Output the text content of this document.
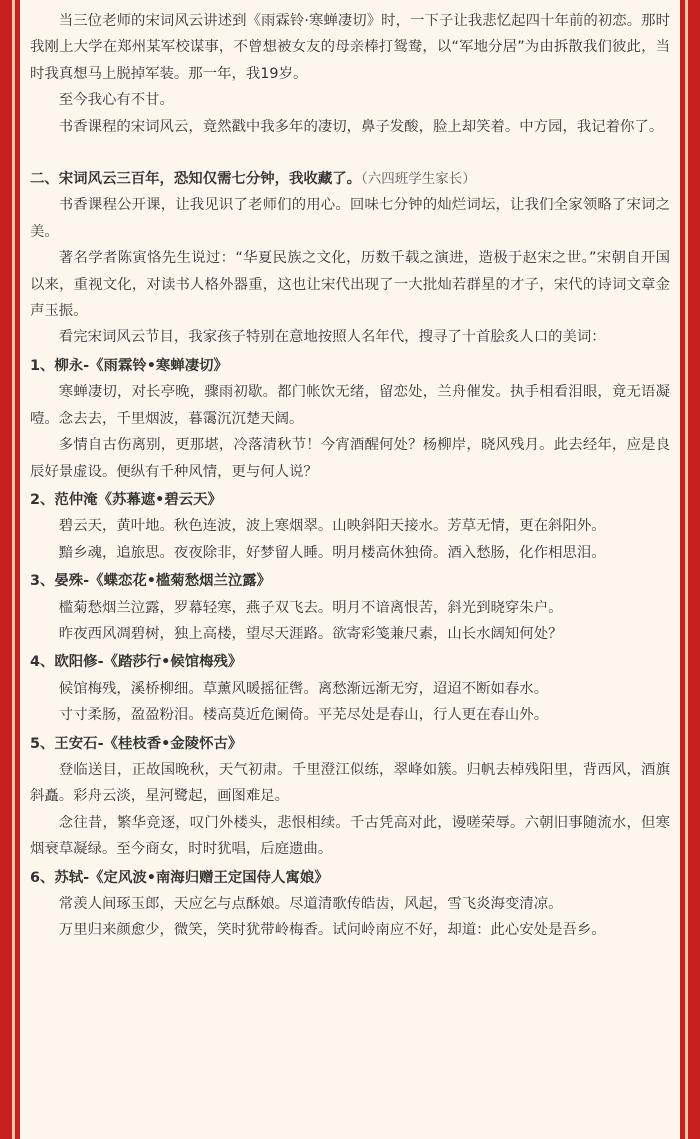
当三位老师的宋词风云讲述到《雨霖铃·寒蝉凄切》时，一下子让我悲忆起四十年前的初恋。那时我刚上大学在郑州某军校谋事，不曾想被女友的母亲棒打鸳鸯，以“军地分居”为由拆散我们彼此，当时我真想马上脱掉军装。那一年，我19岁。

至今我心有不甘。

书香课程的宋词风云，竟然戳中我多年的凄切，鼻子发酸，脸上却笑着。中方园，我记着你了。

二、宋词风云三百年，恐知仅需七分钟，我收藏了。（六四班学生家长）

书香课程公开课，让我见识了老师们的用心。回味七分钟的灿烂词坛，让我们全家领略了宋词之美。

著名学者陈寅恪先生说过：“华夏民族之文化，历数千载之演进，造极于赵宋之世。”宋朝自开国以来，重视文化，对读书人格外器重，这也让宋代出现了一大批灿若群星的才子，宋代的诗词文章金声玉振。

看完宋词风云节目，我家孩子特别在意地按照人名年代，搜寻了十首脍炙人口的美词：

1、柳永-《雨霖铃•寒蝉凄切》

寒蝉凄切，对长亭晚，骤雨初歇。都门帐饮无绪，留恋处，兰舟催发。执手相看泪眼，竟无语凝噎。念去去，千里烟波，暮霭沉沉楚天阔。

多情自古伤离别，更那堪，冷落清秋节！今宵酒醒何处？杨柳岸，晓风残月。此去经年，应是良辰好景虚设。便纵有千种风情，更与何人说？

2、范仲淹《苏幕遮•碧云天》

碧云天，黄叶地。秋色连波，波上寒烟翠。山映斜阳天接水。芳草无情，更在斜阳外。

黯乡魂，追旅思。夜夜除非，好梦留人睡。明月楼高休独倚。酒入愁肠，化作相思泪。

3、晏殊-《蝶恋花•槛菊愁烟兰泣露》

槛菊愁烟兰泣露，罗幕轻寒，燕子双飞去。明月不谙离恨苦，斜光到晓穿朱户。

昨夜西风凋碧树，独上高楼，望尽天涯路。欲寄彩笺兼尺素，山长水阔知何处？

4、欧阳修-《踏莎行•候馆梅残》

候馆梅残，溪桥柳细。草薰风暖摇征辔。离愁渐远渐无穷，迢迢不断如春水。

寸寸柔肠，盈盈粉泪。楼高莫近危阑倚。平芜尽处是春山，行人更在春山外。

5、王安石-《桂枝香•金陵怀古》

登临送目，正故国晚秋，天气初肃。千里澄江似练，翠峰如簇。归帆去棹残阳里，背西风，酒旗斜矗。彩舟云淡，星河鹭起，画图难足。

念往昔，繁华竞逐，叹门外楼头，悲恨相续。千古凭高对此，谩嗟荣辱。六朝旧事随流水，但寒烟衰草凝绿。至今商女，时时犹唱，后庭遗曲。

6、苏轼-《定风波•南海归赠王定国侍人寓娘》

常羡人间琢玉郎，天应乞与点酥娘。尽道清歌传皓齿，风起，雪飞炎海变清凉。

万里归来颜愈少，微笑，笑时犹带岭梅香。试问岭南应不好，却道：此心安处是吾乡。
